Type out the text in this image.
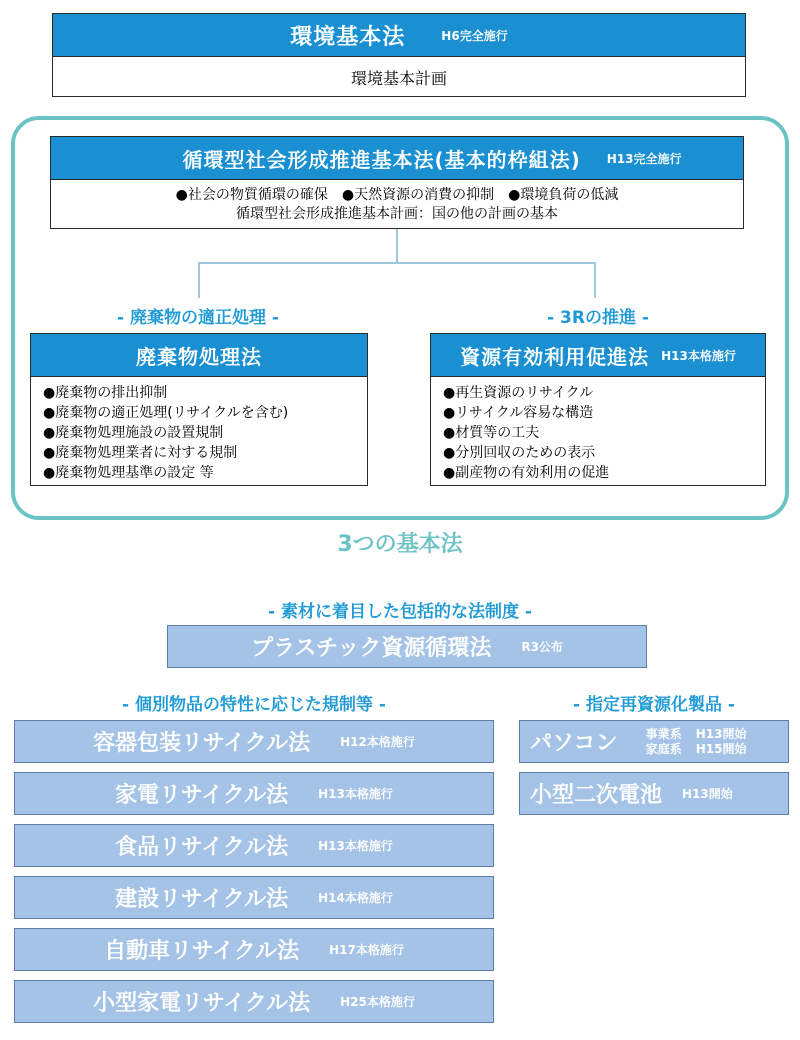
環境基本法	H6完全施行
環境基本計画
循環型社会形成推進基本法(基本的枠組法) H13完全施行
●社会の物質循環の確保　●天然資源の消費の抑制　●環境負荷の低減
循環型社会形成推進基本計画：国の他の計画の基本
- 廃棄物の適正処理 -	- 3Rの推進 -
廃棄物処理法
●廃棄物の排出抑制
●廃棄物の適正処理(リサイクルを含む)
●廃棄物処理施設の設置規制
●廃棄物処理業者に対する規制
●廃棄物処理基準の設定 等
資源有効利用促進法 H13本格施行
●再生資源のリサイクル
●リサイクル容易な構造
●材質等の工夫
●分別回収のための表示
●副産物の有効利用の促進
3つの基本法
- 素材に着目した包括的な法制度 -
プラスチック資源循環法	R3公布
- 個別物品の特性に応じた規制等 -	- 指定再資源化製品 -
容器包装リサイクル法	H12本格施行
家電リサイクル法	H13本格施行
食品リサイクル法	H13本格施行
建設リサイクル法	H14本格施行
自動車リサイクル法	H17本格施行
小型家電リサイクル法	H25本格施行
パソコン 事業系 H13開始
家庭系 H15開始
小型二次電池 H13開始
